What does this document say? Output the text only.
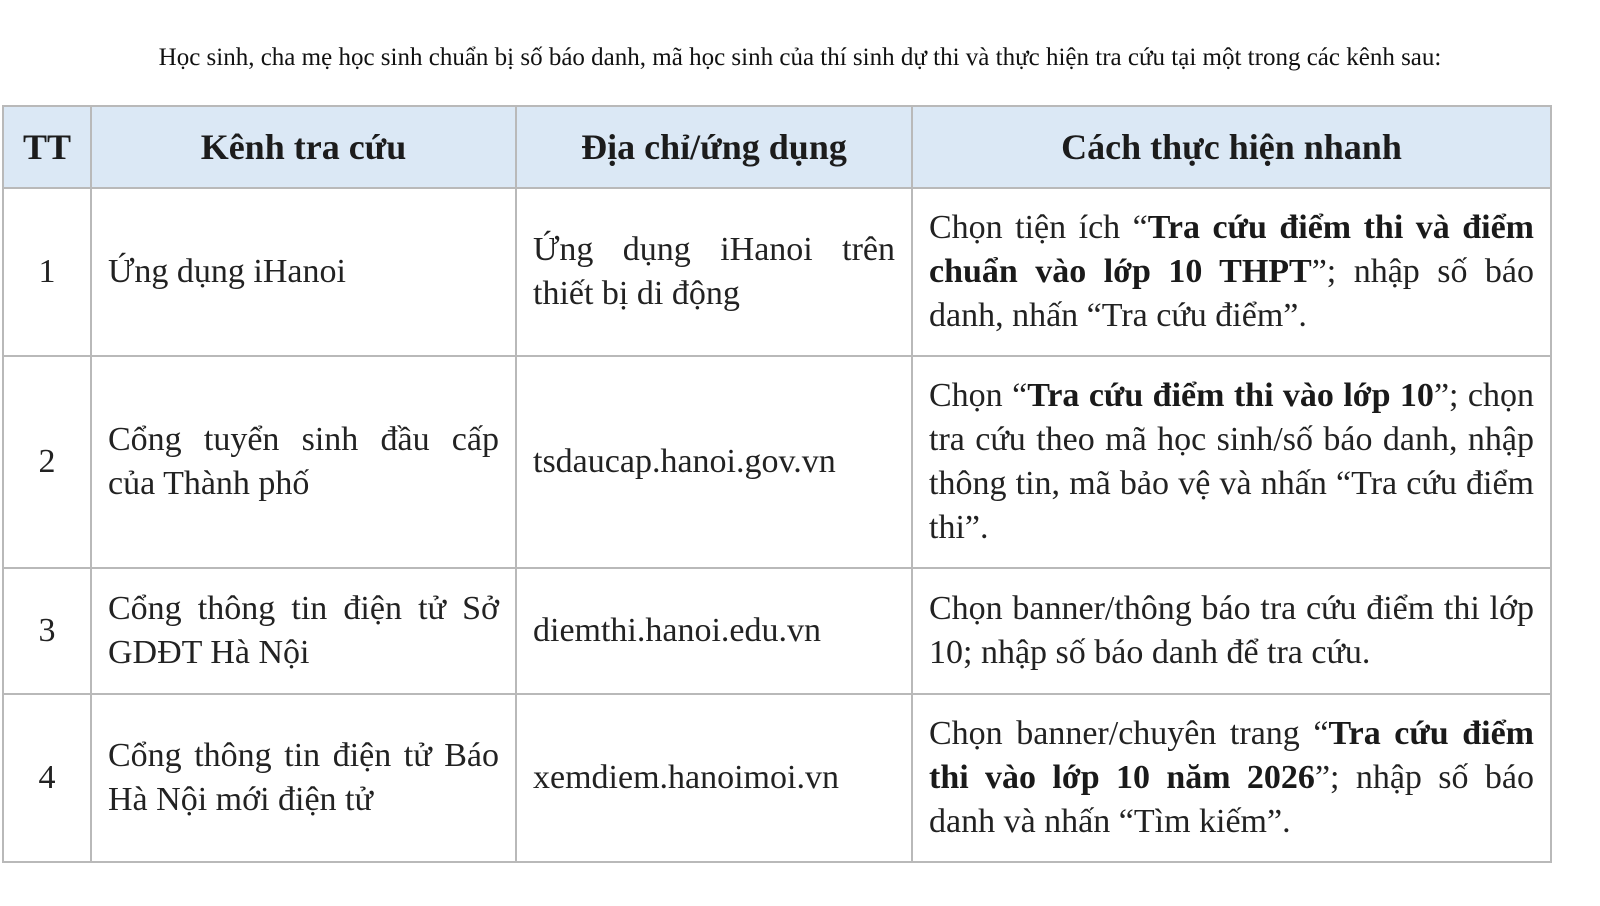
Học sinh, cha mẹ học sinh chuẩn bị số báo danh, mã học sinh của thí sinh dự thi và thực hiện tra cứu tại một trong các kênh sau:

TT	Kênh tra cứu	Địa chỉ/ứng dụng	Cách thực hiện nhanh
1	Ứng dụng iHanoi	Ứng dụng iHanoi trên thiết bị di động	Chọn tiện ích “Tra cứu điểm thi và điểm chuẩn vào lớp 10 THPT”; nhập số báo danh, nhấn “Tra cứu điểm”.
2	Cổng tuyển sinh đầu cấp của Thành phố	tsdaucap.hanoi.gov.vn	Chọn “Tra cứu điểm thi vào lớp 10”; chọn tra cứu theo mã học sinh/số báo danh, nhập thông tin, mã bảo vệ và nhấn “Tra cứu điểm thi”.
3	Cổng thông tin điện tử Sở GDĐT Hà Nội	diemthi.hanoi.edu.vn	Chọn banner/thông báo tra cứu điểm thi lớp 10; nhập số báo danh để tra cứu.
4	Cổng thông tin điện tử Báo Hà Nội mới điện tử	xemdiem.hanoimoi.vn	Chọn banner/chuyên trang “Tra cứu điểm thi vào lớp 10 năm 2026”; nhập số báo danh và nhấn “Tìm kiếm”.
